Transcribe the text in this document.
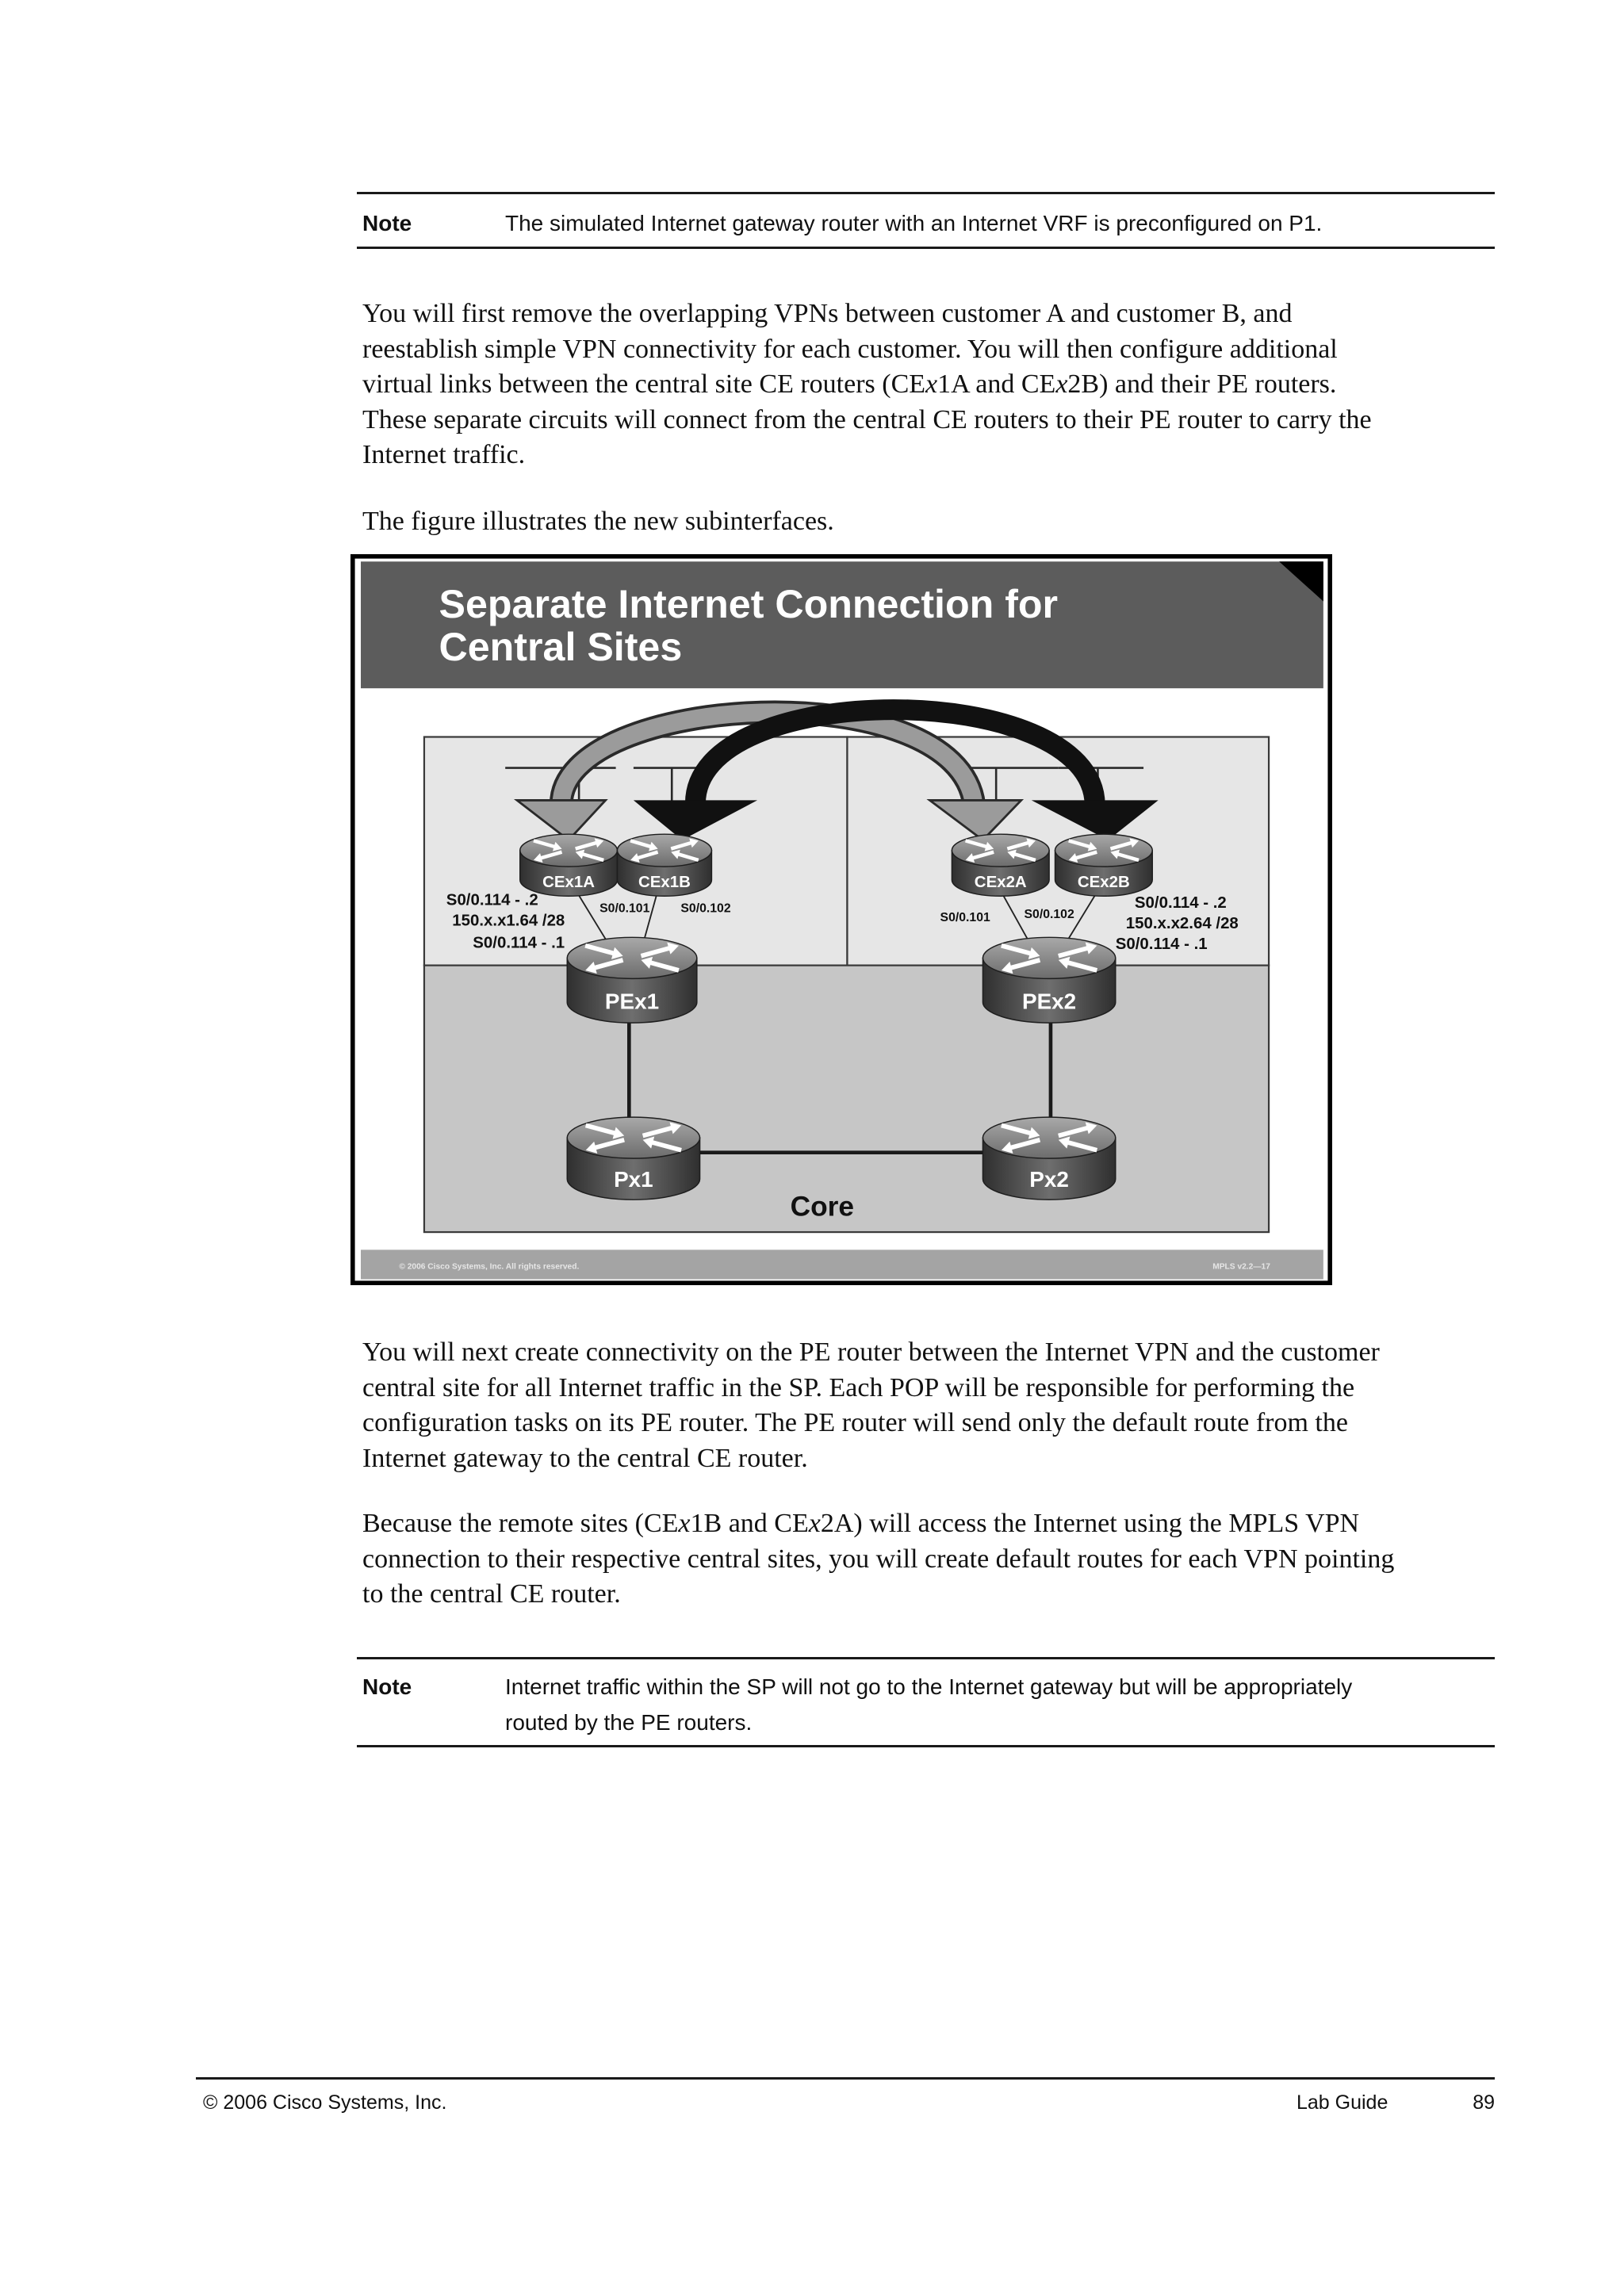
Note	The simulated Internet gateway router with an Internet VRF is preconfigured on P1.
You will first remove the overlapping VPNs between customer A and customer B, and
reestablish simple VPN connectivity for each customer. You will then configure additional
virtual links between the central site CE routers (CEx1A and CEx2B) and their PE routers.
These separate circuits will connect from the central CE routers to their PE router to carry the
Internet traffic.
The figure illustrates the new subinterfaces.
Separate Internet Connection for
Central Sites
CEx1A	CEx1B	CEx2A	CEx2B
PEx1	PEx2
Px1	Px2
S0/0.114 - .2
150.x.x1.64 /28
S0/0.114 - .1
S0/0.101	S0/0.102
S0/0.101	S0/0.102
S0/0.114 - .2
150.x.x2.64 /28
S0/0.114 - .1
Core
© 2006 Cisco Systems, Inc. All rights reserved.	MPLS v2.2—17
You will next create connectivity on the PE router between the Internet VPN and the customer
central site for all Internet traffic in the SP. Each POP will be responsible for performing the
configuration tasks on its PE router. The PE router will send only the default route from the
Internet gateway to the central CE router.
Because the remote sites (CEx1B and CEx2A) will access the Internet using the MPLS VPN
connection to their respective central sites, you will create default routes for each VPN pointing
to the central CE router.
Note	Internet traffic within the SP will not go to the Internet gateway but will be appropriately
routed by the PE routers.
© 2006 Cisco Systems, Inc.	Lab Guide	89
